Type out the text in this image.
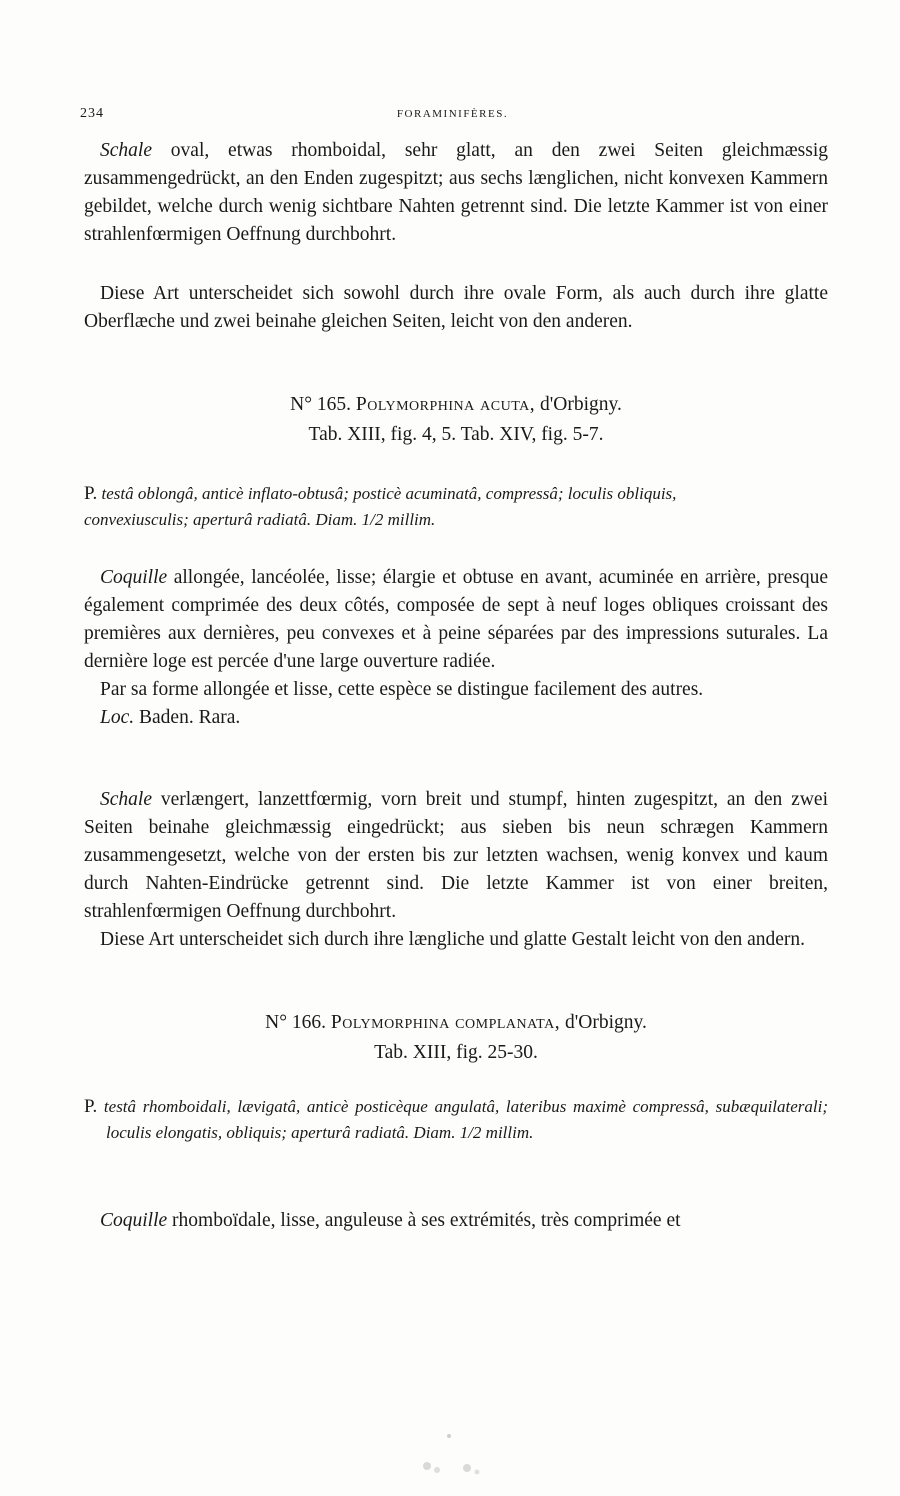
234	FORAMINIFÈRES.

Schale oval, etwas rhomboidal, sehr glatt, an den zwei Seiten gleichmæssig zusammengedrückt, an den Enden zugespitzt; aus sechs længlichen, nicht konvexen Kammern gebildet, welche durch wenig sichtbare Nahten getrennt sind. Die letzte Kammer ist von einer strahlenfœrmigen Oeffnung durchbohrt.

Diese Art unterscheidet sich sowohl durch ihre ovale Form, als auch durch ihre glatte Oberflæche und zwei beinahe gleichen Seiten, leicht von den anderen.

N° 165. Polymorphina acuta, d'Orbigny.
Tab. XIII, fig. 4, 5. Tab. XIV, fig. 5-7.

P. testâ oblongâ, anticè inflato-obtusâ; posticè acuminatâ, compressâ; loculis obliquis,

convexiusculis; aperturâ radiatâ. Diam. 1/2 millim.

Coquille allongée, lancéolée, lisse; élargie et obtuse en avant, acuminée en arrière, presque également comprimée des deux côtés, composée de sept à neuf loges obliques croissant des premières aux dernières, peu convexes et à peine séparées par des impressions suturales. La dernière loge est percée d'une large ouverture radiée.

Par sa forme allongée et lisse, cette espèce se distingue facilement des autres.

Loc. Baden. Rara.

Schale verlængert, lanzettfœrmig, vorn breit und stumpf, hinten zugespitzt, an den zwei Seiten beinahe gleichmæssig eingedrückt; aus sieben bis neun schrægen Kammern zusammengesetzt, welche von der ersten bis zur letzten wachsen, wenig konvex und kaum durch Nahten-Eindrücke getrennt sind. Die letzte Kammer ist von einer breiten, strahlenfœrmigen Oeffnung durchbohrt.

Diese Art unterscheidet sich durch ihre længliche und glatte Gestalt leicht von den andern.

N° 166. Polymorphina complanata, d'Orbigny.
Tab. XIII, fig. 25-30.

P. testâ rhomboidali, lævigatâ, anticè posticèque angulatâ, lateribus maximè compressâ, subæquilaterali; loculis elongatis, obliquis; aperturâ radiatâ. Diam. 1/2 millim.

Coquille rhomboïdale, lisse, anguleuse à ses extrémités, très comprimée et
